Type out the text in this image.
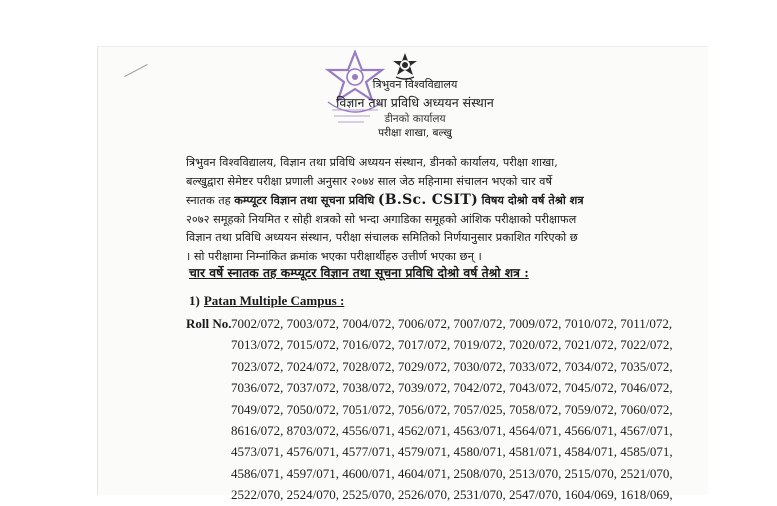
त्रिभुवन विश्वविद्यालय
विज्ञान तथा प्रविधि अध्ययन संस्थान
डीनको कार्यालय
परीक्षा शाखा, बल्खु
त्रिभुवन विश्वविद्यालय, विज्ञान तथा प्रविधि अध्ययन संस्थान, डीनको कार्यालय, परीक्षा शाखा,
बल्खुद्वारा सेमेष्टर परीक्षा प्रणाली अनुसार २०७४ साल जेठ महिनामा संचालन भएको चार वर्षे
स्नातक तह कम्प्यूटर विज्ञान तथा सूचना प्रविधि (B.Sc. CSIT) विषय दोश्रो वर्ष तेश्रो शत्र
२०७२ समूहको नियमित र सोही शत्रको सो भन्दा अगाडिका समूहको आंशिक परीक्षाको परीक्षाफल
विज्ञान तथा प्रविधि अध्ययन संस्थान, परीक्षा संचालक समितिको निर्णयानुसार प्रकाशित गरिएको छ
। सो परीक्षामा निम्नांकित क्रमांक भएका परीक्षार्थीहरु उत्तीर्ण भएका छन् ।
चार वर्षे स्नातक तह कम्प्यूटर विज्ञान तथा सूचना प्रविधि दोश्रो वर्ष तेश्रो शत्र :
1) Patan Multiple Campus :
Roll No. 7002/072, 7003/072, 7004/072, 7006/072, 7007/072, 7009/072, 7010/072, 7011/072,
7013/072, 7015/072, 7016/072, 7017/072, 7019/072, 7020/072, 7021/072, 7022/072,
7023/072, 7024/072, 7028/072, 7029/072, 7030/072, 7033/072, 7034/072, 7035/072,
7036/072, 7037/072, 7038/072, 7039/072, 7042/072, 7043/072, 7045/072, 7046/072,
7049/072, 7050/072, 7051/072, 7056/072, 7057/025, 7058/072, 7059/072, 7060/072,
8616/072, 8703/072, 4556/071, 4562/071, 4563/071, 4564/071, 4566/071, 4567/071,
4573/071, 4576/071, 4577/071, 4579/071, 4580/071, 4581/071, 4584/071, 4585/071,
4586/071, 4597/071, 4600/071, 4604/071, 2508/070, 2513/070, 2515/070, 2521/070,
2522/070, 2524/070, 2525/070, 2526/070, 2531/070, 2547/070, 1604/069, 1618/069,
